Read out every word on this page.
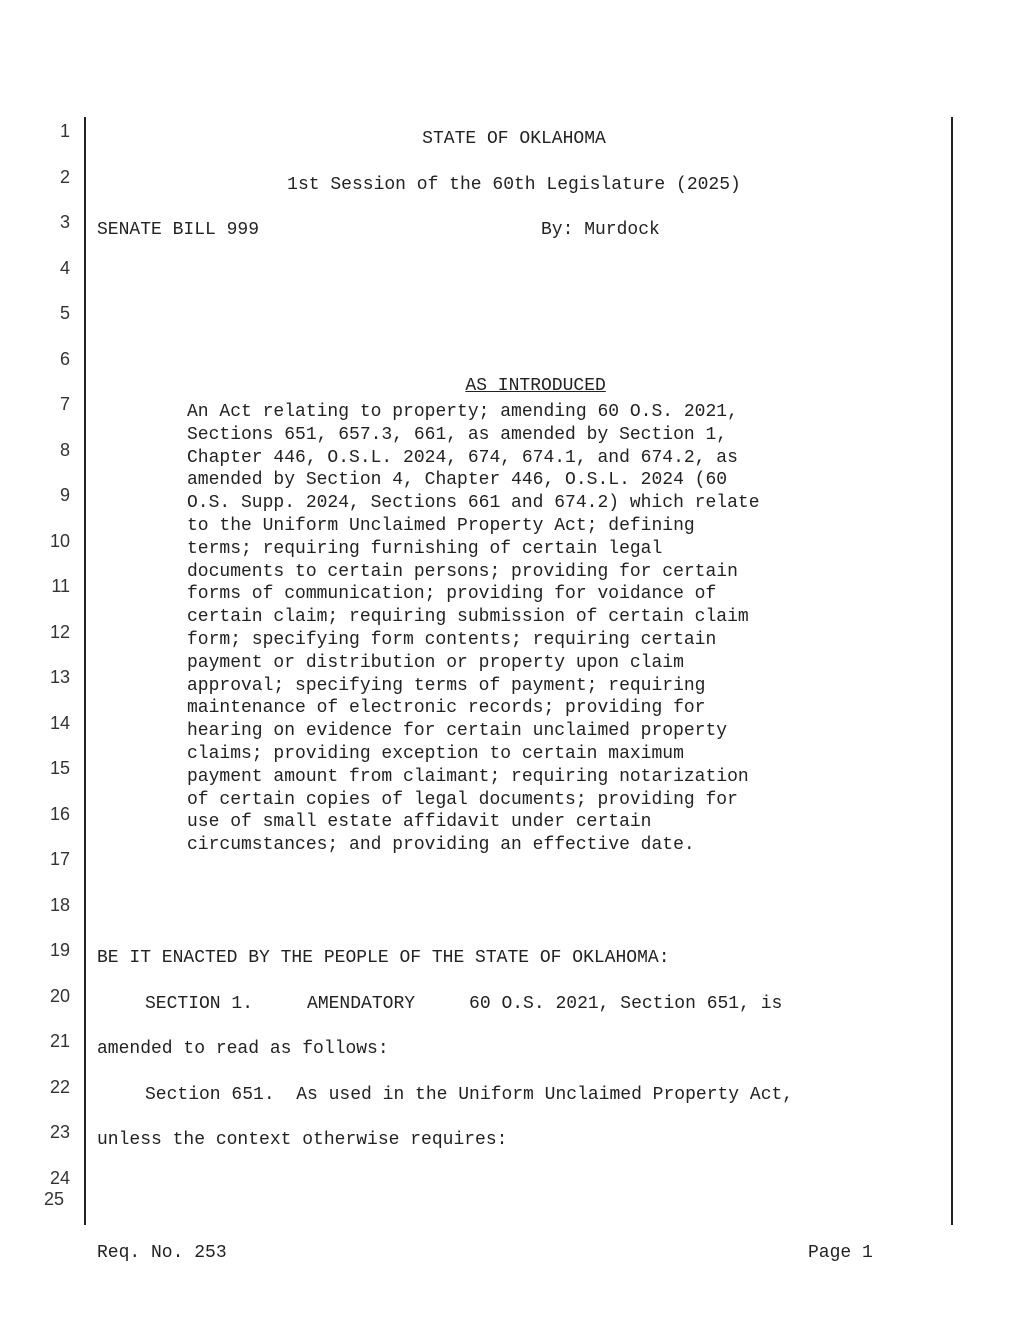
1
2
3
4
5
6
7
8
9
10
11
12
13
14
15
16
17
18
19
20
21
22
23
24
25
STATE OF OKLAHOMA
1st Session of the 60th Legislature (2025)
SENATE BILL 999	By: Murdock

AS INTRODUCED

An Act relating to property; amending 60 O.S. 2021,
Sections 651, 657.3, 661, as amended by Section 1,
Chapter 446, O.S.L. 2024, 674, 674.1, and 674.2, as
amended by Section 4, Chapter 446, O.S.L. 2024 (60
O.S. Supp. 2024, Sections 661 and 674.2) which relate
to the Uniform Unclaimed Property Act; defining
terms; requiring furnishing of certain legal
documents to certain persons; providing for certain
forms of communication; providing for voidance of
certain claim; requiring submission of certain claim
form; specifying form contents; requiring certain
payment or distribution or property upon claim
approval; specifying terms of payment; requiring
maintenance of electronic records; providing for
hearing on evidence for certain unclaimed property
claims; providing exception to certain maximum
payment amount from claimant; requiring notarization
of certain copies of legal documents; providing for
use of small estate affidavit under certain
circumstances; and providing an effective date.
BE IT ENACTED BY THE PEOPLE OF THE STATE OF OKLAHOMA:
SECTION 1.     AMENDATORY     60 O.S. 2021, Section 651, is
amended to read as follows:
Section 651.  As used in the Uniform Unclaimed Property Act,
unless the context otherwise requires:
Req. No. 253	Page 1
